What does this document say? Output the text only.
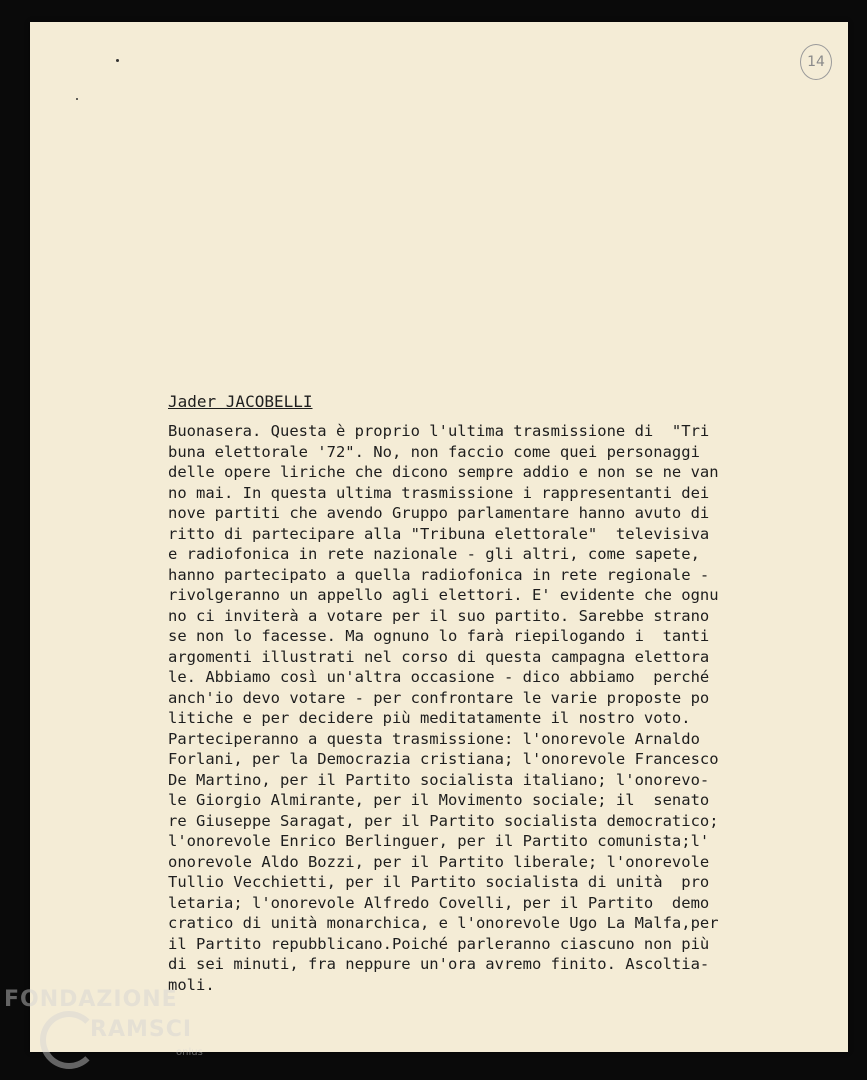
14
Jader JACOBELLI
Buonasera. Questa è proprio l'ultima trasmissione di  "Tri
buna elettorale '72". No, non faccio come quei personaggi
delle opere liriche che dicono sempre addio e non se ne van
no mai. In questa ultima trasmissione i rappresentanti dei
nove partiti che avendo Gruppo parlamentare hanno avuto di
ritto di partecipare alla "Tribuna elettorale"  televisiva
e radiofonica in rete nazionale - gli altri, come sapete,
hanno partecipato a quella radiofonica in rete regionale -
rivolgeranno un appello agli elettori. E' evidente che ognu
no ci inviterà a votare per il suo partito. Sarebbe strano
se non lo facesse. Ma ognuno lo farà riepilogando i  tanti
argomenti illustrati nel corso di questa campagna elettora
le. Abbiamo così un'altra occasione - dico abbiamo  perché
anch'io devo votare - per confrontare le varie proposte po
litiche e per decidere più meditatamente il nostro voto.
Parteciperanno a questa trasmissione: l'onorevole Arnaldo
Forlani, per la Democrazia cristiana; l'onorevole Francesco
De Martino, per il Partito socialista italiano; l'onorevo-
le Giorgio Almirante, per il Movimento sociale; il  senato
re Giuseppe Saragat, per il Partito socialista democratico;
l'onorevole Enrico Berlinguer, per il Partito comunista;l'
onorevole Aldo Bozzi, per il Partito liberale; l'onorevole
Tullio Vecchietti, per il Partito socialista di unità  pro
letaria; l'onorevole Alfredo Covelli, per il Partito  demo
cratico di unità monarchica, e l'onorevole Ugo La Malfa,per
il Partito repubblicano.Poiché parleranno ciascuno non più
di sei minuti, fra neppure un'ora avremo finito. Ascoltia-
moli.
FONDAZIONE
RAMSCI
onlus
